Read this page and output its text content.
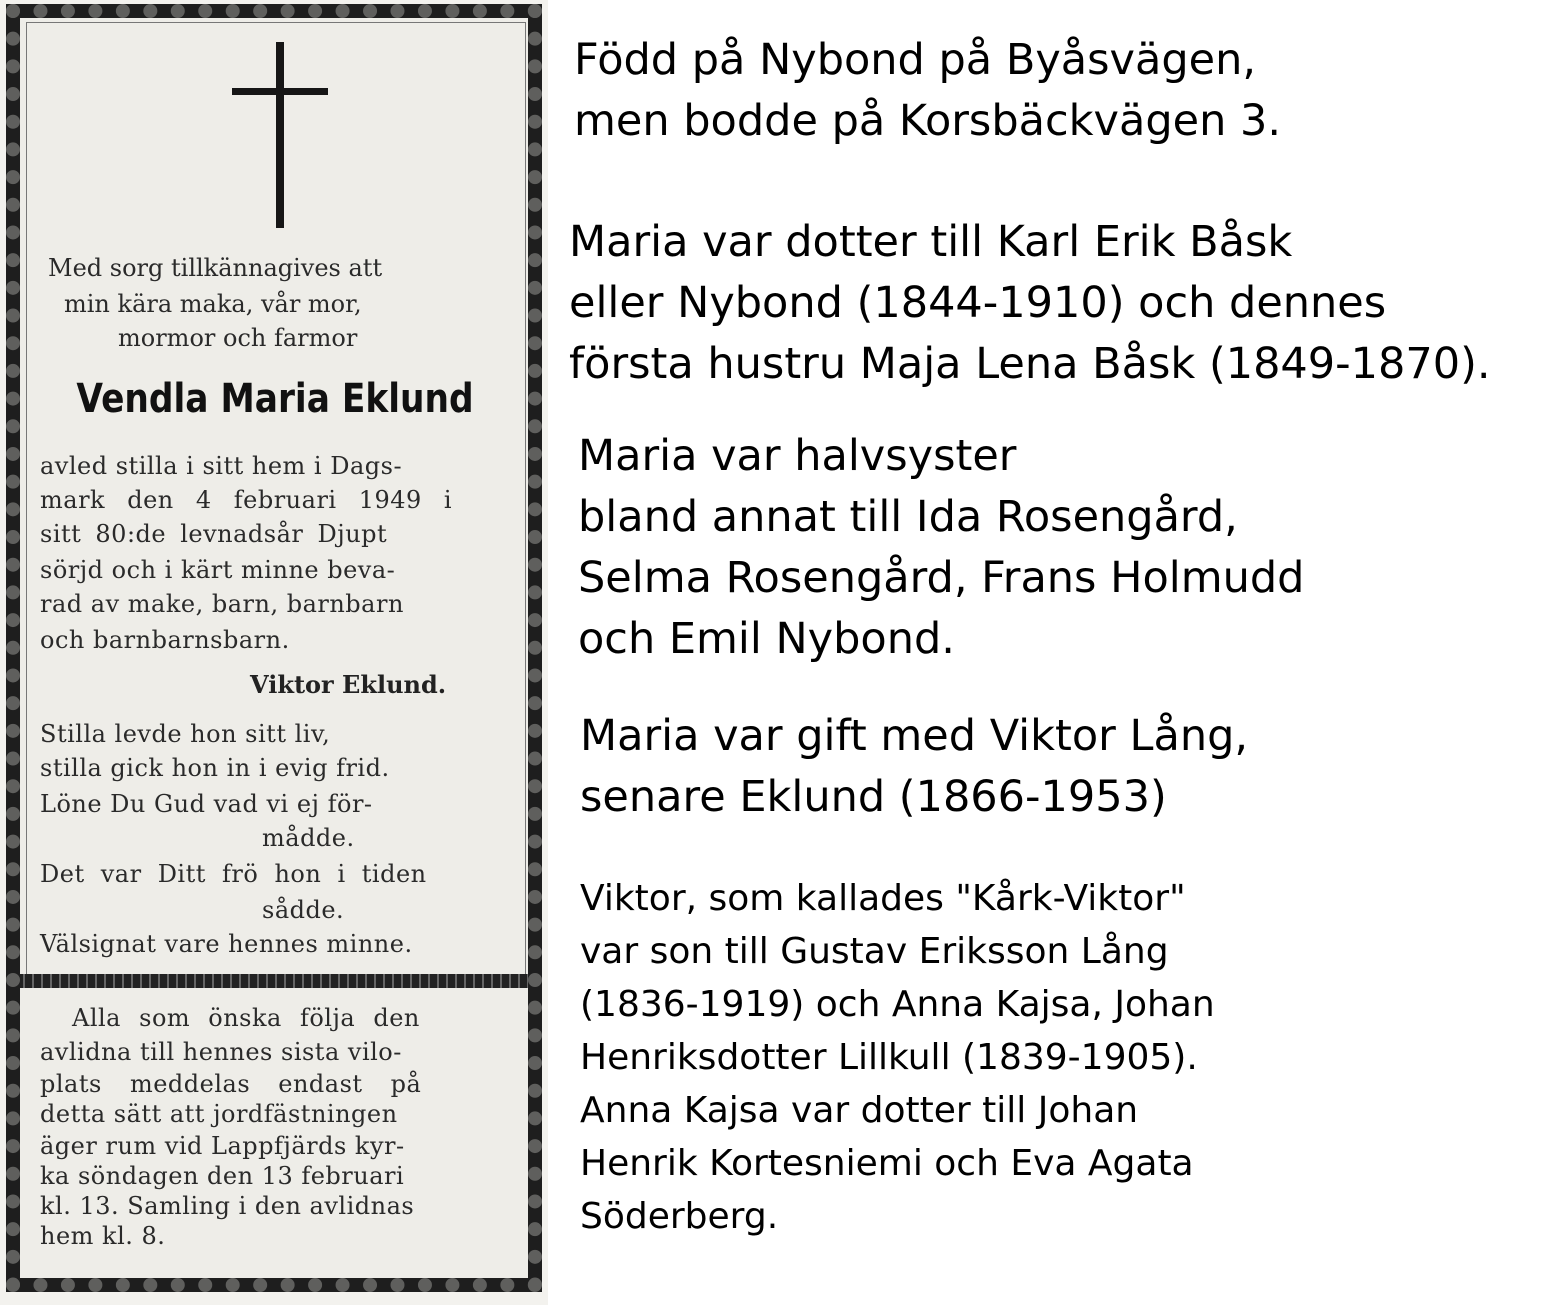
Med sorg tillkännagives att

min kära maka, vår mor,

mormor och farmor

Vendla Maria Eklund

avled stilla i sitt hem i Dags-

mark den 4 februari 1949 i

sitt 80:de levnadsår Djupt

sörjd och i kärt minne beva-

rad av make, barn, barnbarn

och barnbarnsbarn.

Viktor Eklund.

Stilla levde hon sitt liv,

stilla gick hon in i evig frid.

Löne Du Gud vad vi ej för-

mådde.

Det var Ditt frö hon i tiden

sådde.

Välsignat vare hennes minne.

Alla som önska följa den

avlidna till hennes sista vilo-

plats meddelas endast på

detta sätt att jordfästningen

äger rum vid Lappfjärds kyr-

ka söndagen den 13 februari

kl. 13. Samling i den avlidnas

hem kl. 8.

Född på Nybond på Byåsvägen,

men bodde på Korsbäckvägen 3.

Maria var dotter till Karl Erik Båsk

eller Nybond (1844-1910) och dennes

första hustru Maja Lena Båsk (1849-1870).

Maria var halvsyster

bland annat till Ida Rosengård,

Selma Rosengård, Frans Holmudd

och Emil Nybond.

Maria var gift med Viktor Lång,

senare Eklund (1866-1953)

Viktor, som kallades "Kårk-Viktor"

var son till Gustav Eriksson Lång

(1836-1919) och Anna Kajsa, Johan

Henriksdotter Lillkull (1839-1905).

Anna Kajsa var dotter till Johan

Henrik Kortesniemi och Eva Agata

Söderberg.
